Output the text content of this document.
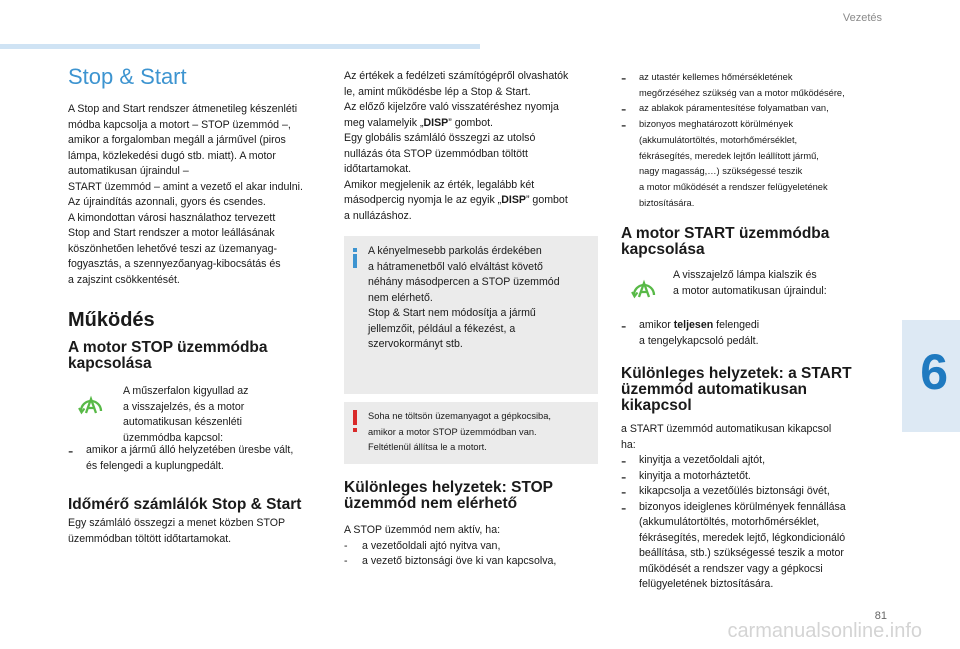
Vezetés
6
81
carmanualsonline.info
Stop & Start

A Stop and Start rendszer átmenetileg készenléti

módba kapcsolja a motort – STOP üzemmód –,

amikor a forgalomban megáll a járművel (piros

lámpa, közlekedési dugó stb. miatt). A motor

automatikusan újraindul –

START üzemmód – amint a vezető el akar indulni.

Az újraindítás azonnali, gyors és csendes.

A kimondottan városi használathoz tervezett

Stop and Start rendszer a motor leállásának

köszönhetően lehetővé teszi az üzemanyag-

fogyasztás, a szennyezőanyag-kibocsátás és

a zajszint csökkentését.

Működés

A motor STOP üzemmódba

kapcsolása

A műszerfalon kigyullad az

a visszajelzés, és a motor

automatikusan készenléti

üzemmódba kapcsol:

- amikor a jármű álló helyzetében üresbe vált,

és felengedi a kuplungpedált.

Időmérő számlálók Stop & Start

Egy számláló összegzi a menet közben STOP

üzemmódban töltött időtartamokat.

Az értékek a fedélzeti számítógépről olvashatók

le, amint működésbe lép a Stop & Start.

Az előző kijelzőre való visszatéréshez nyomja

meg valamelyik „DISP” gombot.

Egy globális számláló összegzi az utolsó

nullázás óta STOP üzemmódban töltött

időtartamokat.

Amikor megjelenik az érték, legalább két

másodpercig nyomja le az egyik „DISP” gombot

a nullázáshoz.

A kényelmesebb parkolás érdekében

a hátramenetből való elváltást követő

néhány másodpercen a STOP üzemmód

nem elérhető.

Stop & Start nem módosítja a jármű

jellemzőit, például a fékezést, a

szervokormányt stb.

Soha ne töltsön üzemanyagot a gépkocsiba,

amikor a motor STOP üzemmódban van.

Feltétlenül állítsa le a motort.

Különleges helyzetek: STOP

üzemmód nem elérhető

A STOP üzemmód nem aktív, ha:

- a vezetőoldali ajtó nyitva van,

- a vezető biztonsági öve ki van kapcsolva,

- az utastér kellemes hőmérsékletének

megőrzéséhez szükség van a motor működésére,

- az ablakok páramentesítése folyamatban van,

- bizonyos meghatározott körülmények

(akkumulátortöltés, motorhőmérséklet,

fékrásegítés, meredek lejtőn leállított jármű,

nagy magasság,…) szükségessé teszik

a motor működését a rendszer felügyeletének

biztosítására.

A motor START üzemmódba

kapcsolása

A visszajelző lámpa kialszik és

a motor automatikusan újraindul:

- amikor teljesen felengedi

a tengelykapcsoló pedált.

Különleges helyzetek: a START

üzemmód automatikusan

kikapcsol

a START üzemmód automatikusan kikapcsol

ha:

- kinyitja a vezetőoldali ajtót,

- kinyitja a motorháztetőt.

- kikapcsolja a vezetőülés biztonsági övét,

- bizonyos ideiglenes körülmények fennállása

(akkumulátortöltés, motorhőmérséklet,

fékrásegítés, meredek lejtő, légkondicionáló

beállítása, stb.) szükségessé teszik a motor

működését a rendszer vagy a gépkocsi

felügyeletének biztosítására.
